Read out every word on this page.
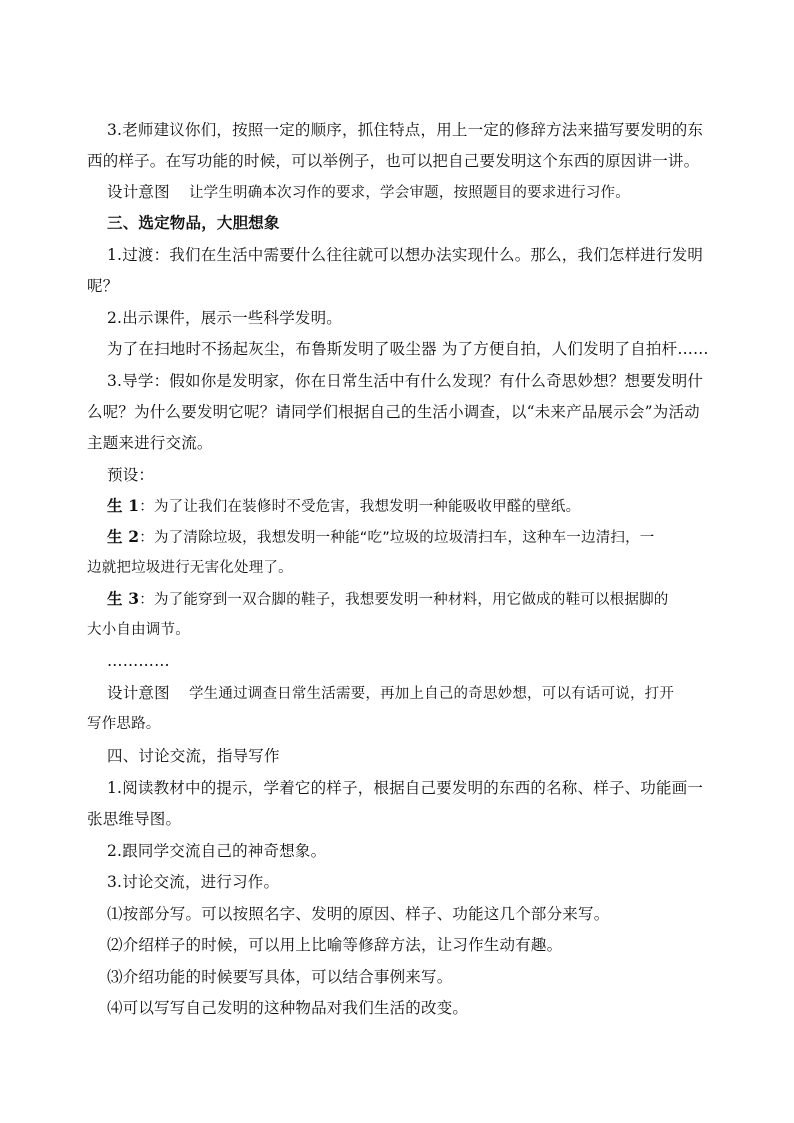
3.老师建议你们，按照一定的顺序，抓住特点，用上一定的修辞方法来描写要发明的东
西的样子。在写功能的时候，可以举例子，也可以把自己要发明这个东西的原因讲一讲。
设计意图 让学生明确本次习作的要求，学会审题，按照题目的要求进行习作。
三、选定物品，大胆想象
1.过渡：我们在生活中需要什么往往就可以想办法实现什么。那么，我们怎样进行发明
呢？
2.出示课件，展示一些科学发明。
为了在扫地时不扬起灰尘，布鲁斯发明了吸尘器 为了方便自拍，人们发明了自拍杆……
3.导学：假如你是发明家，你在日常生活中有什么发现？有什么奇思妙想？想要发明什
么呢？为什么要发明它呢？请同学们根据自己的生活小调查，以“未来产品展示会”为活动
主题来进行交流。
预设：
生 1：为了让我们在装修时不受危害，我想发明一种能吸收甲醛的壁纸。
生 2：为了清除垃圾，我想发明一种能“吃”垃圾的垃圾清扫车，这种车一边清扫，一
边就把垃圾进行无害化处理了。
生 3：为了能穿到一双合脚的鞋子，我想要发明一种材料，用它做成的鞋可以根据脚的
大小自由调节。
…………
设计意图 学生通过调查日常生活需要，再加上自己的奇思妙想，可以有话可说，打开
写作思路。
四、讨论交流，指导写作
1.阅读教材中的提示，学着它的样子，根据自己要发明的东西的名称、样子、功能画一
张思维导图。
2.跟同学交流自己的神奇想象。
3.讨论交流，进行习作。
⑴按部分写。可以按照名字、发明的原因、样子、功能这几个部分来写。
⑵介绍样子的时候，可以用上比喻等修辞方法，让习作生动有趣。
⑶介绍功能的时候要写具体，可以结合事例来写。
⑷可以写写自己发明的这种物品对我们生活的改变。
